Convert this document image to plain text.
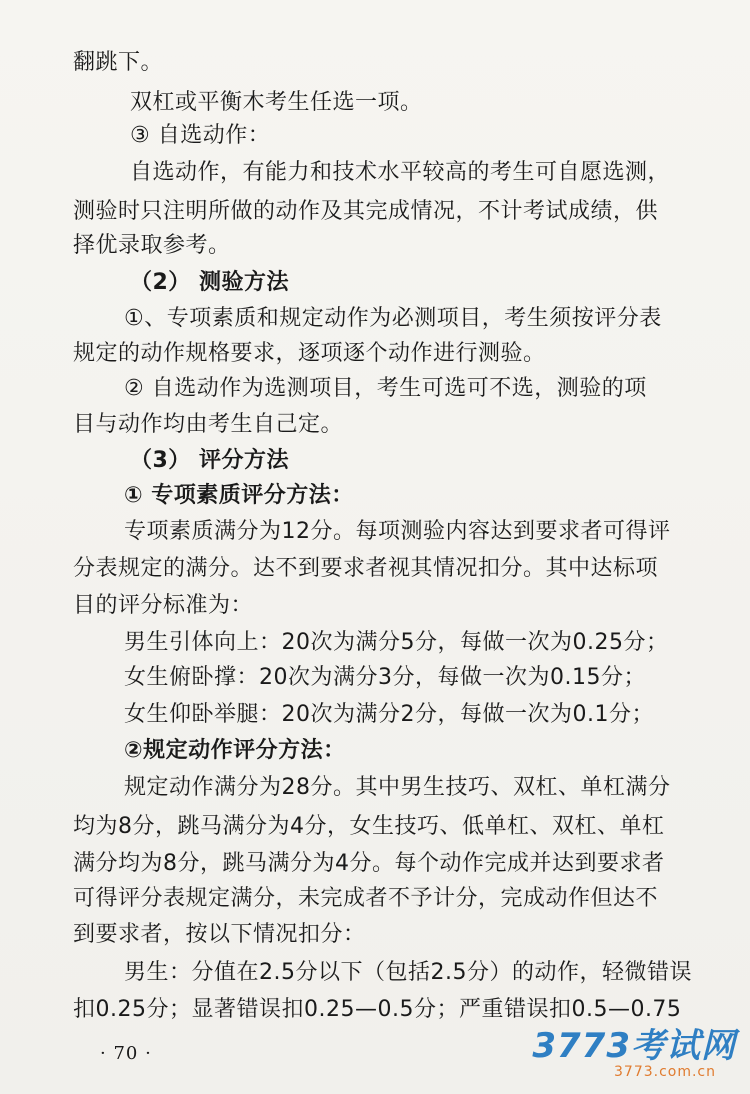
翻跳下。
双杠或平衡木考生任选一项。
③ 自选动作：
自选动作，有能力和技术水平较高的考生可自愿选测，
测验时只注明所做的动作及其完成情况，不计考试成绩，供
择优录取参考。
（2） 测验方法
①、专项素质和规定动作为必测项目，考生须按评分表
规定的动作规格要求，逐项逐个动作进行测验。
② 自选动作为选测项目，考生可选可不选，测验的项
目与动作均由考生自己定。
（3） 评分方法
① 专项素质评分方法：
专项素质满分为12分。每项测验内容达到要求者可得评
分表规定的满分。达不到要求者视其情况扣分。其中达标项
目的评分标准为：
男生引体向上：20次为满分5分，每做一次为0.25分；
女生俯卧撑：20次为满分3分，每做一次为0.15分；
女生仰卧举腿：20次为满分2分，每做一次为0.1分；
②规定动作评分方法：
规定动作满分为28分。其中男生技巧、双杠、单杠满分
均为8分，跳马满分为4分，女生技巧、低单杠、双杠、单杠
满分均为8分，跳马满分为4分。每个动作完成并达到要求者
可得评分表规定满分，未完成者不予计分，完成动作但达不
到要求者，按以下情况扣分：
男生：分值在2.5分以下（包括2.5分）的动作，轻微错误
扣0.25分；显著错误扣0.25—0.5分；严重错误扣0.5—0.75
· 70 ·	3773考试网
3773.com.cn
